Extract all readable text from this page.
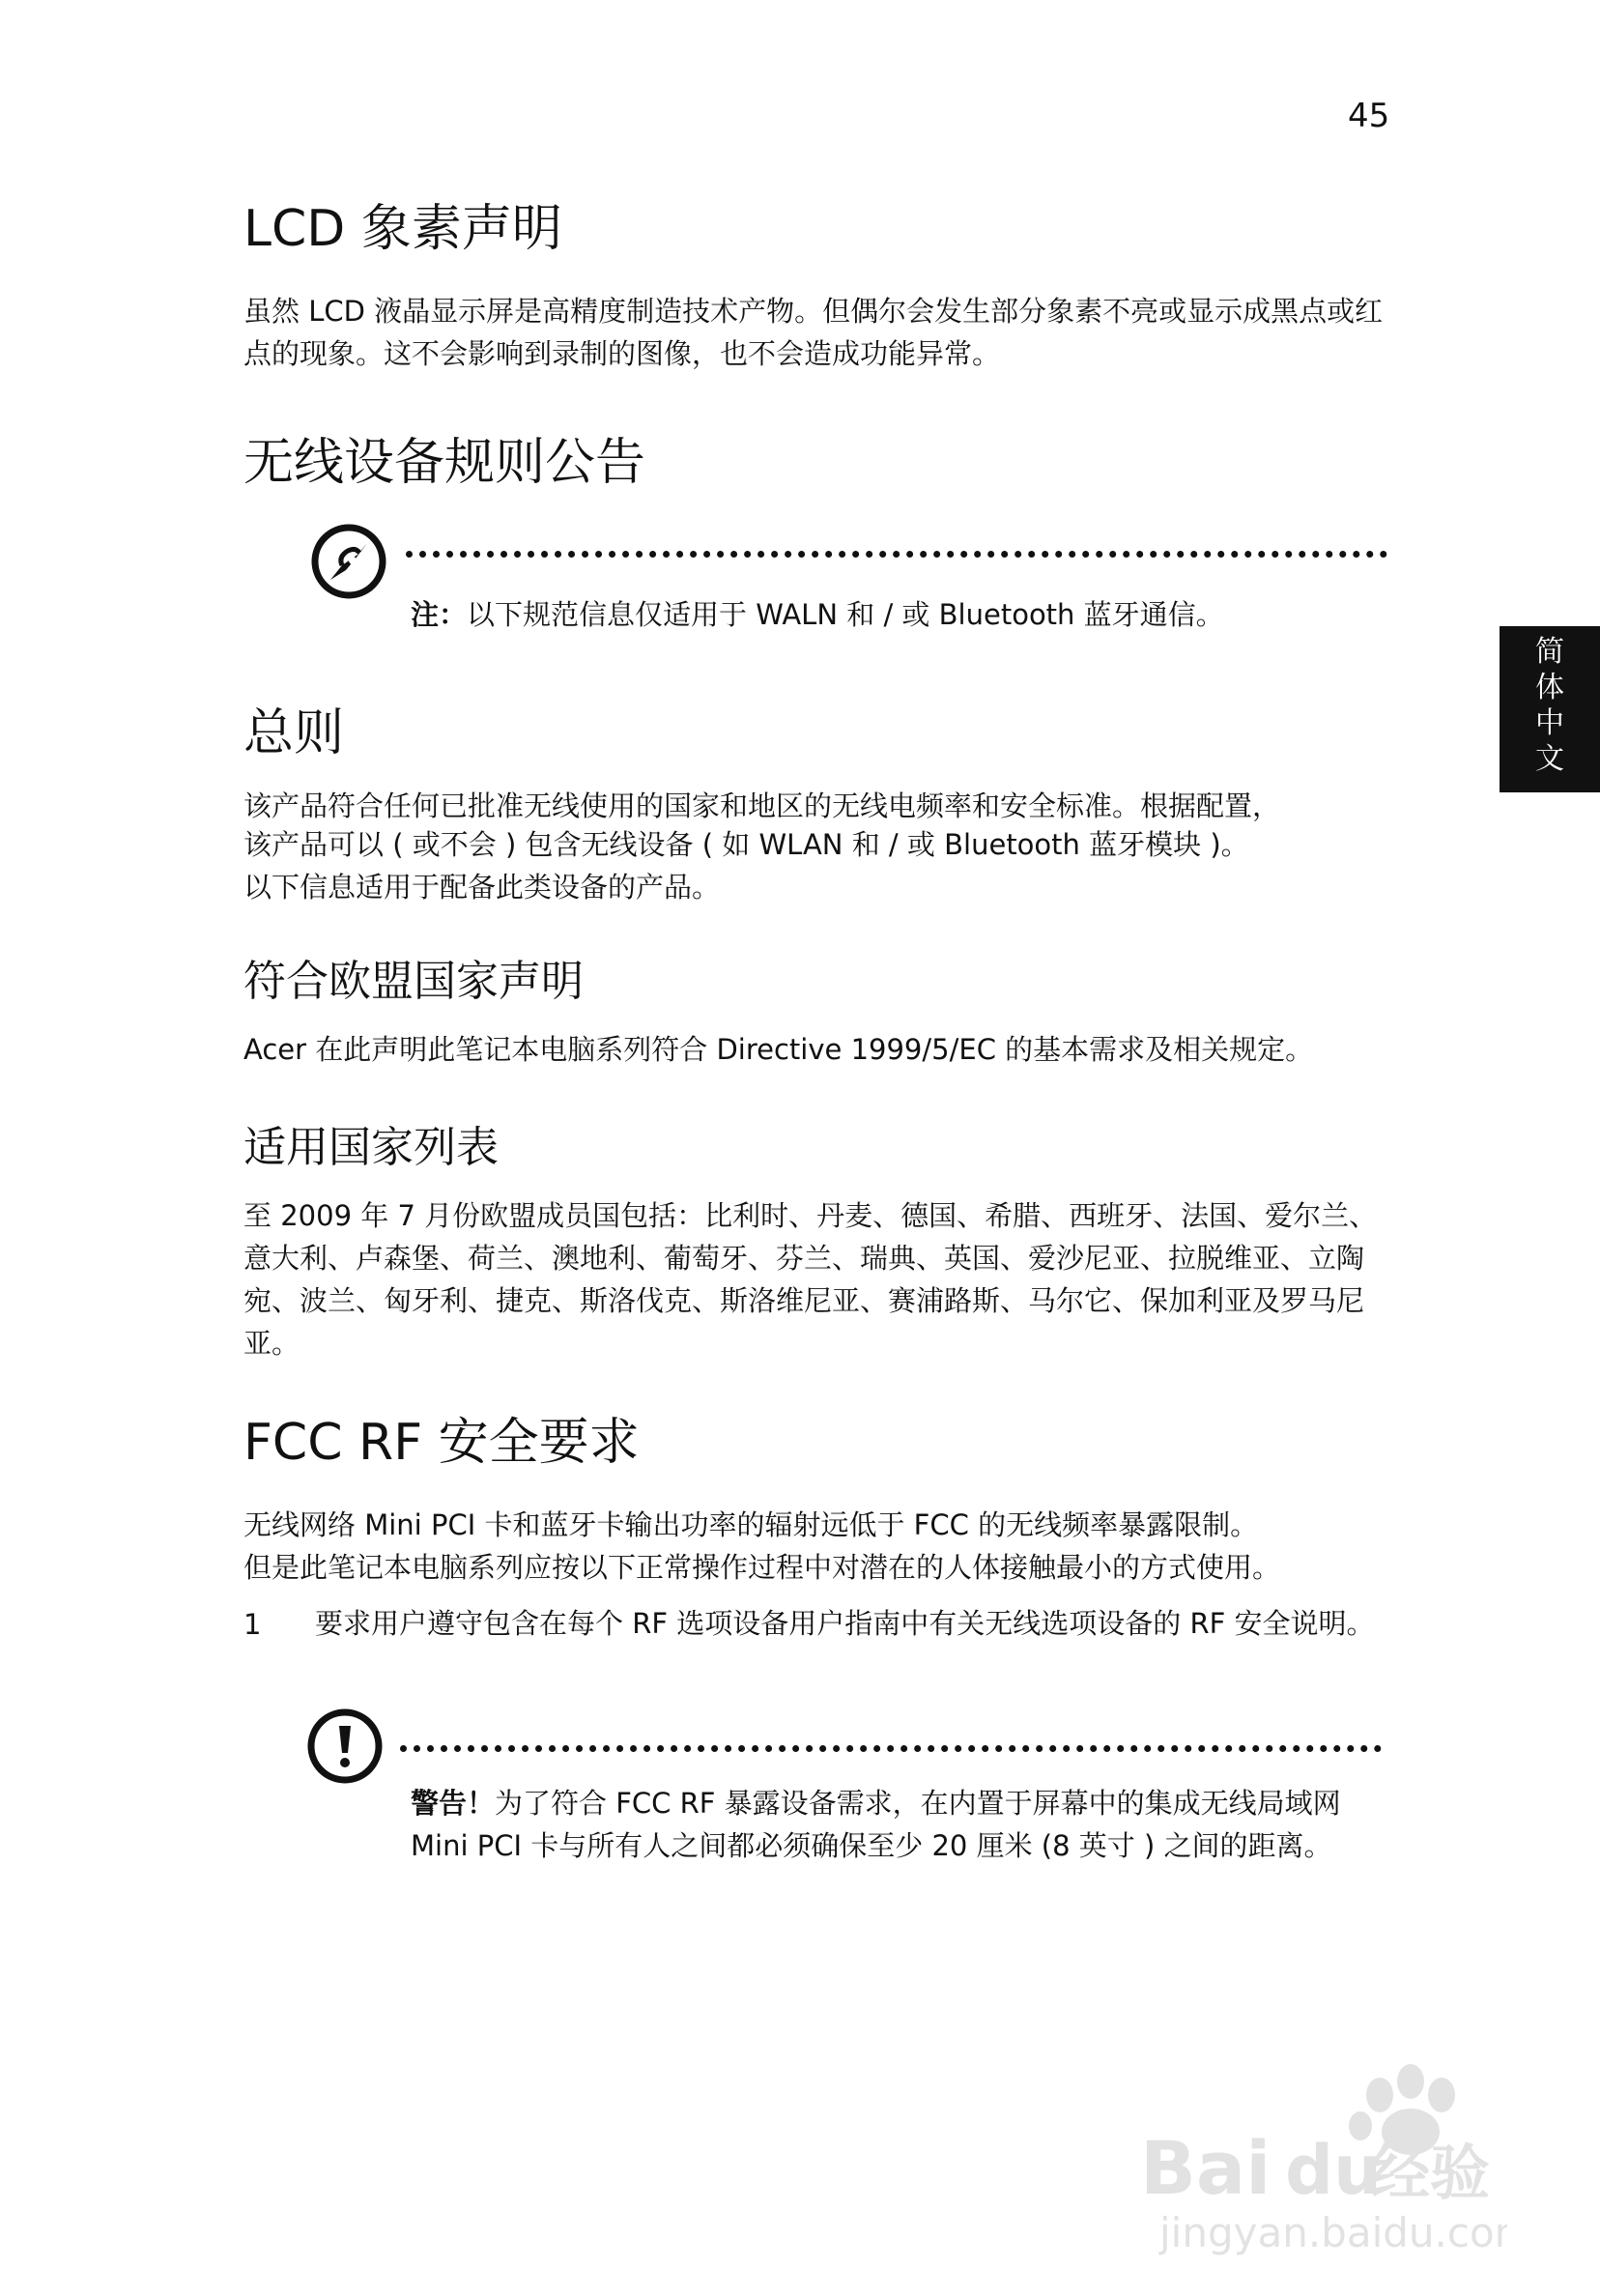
45
简
体
中
文
LCD 象素声明

虽然 LCD 液晶显示屏是高精度制造技术产物。但偶尔会发生部分象素不亮或显示成黑点或红点的现象。这不会影响到录制的图像，也不会造成功能异常。

无线设备规则公告

注：以下规范信息仅适用于 WALN 和 / 或 Bluetooth 蓝牙通信。

总则

该产品符合任何已批准无线使用的国家和地区的无线电频率和安全标准。根据配置，

该产品可以 ( 或不会 ) 包含无线设备 ( 如 WLAN 和 / 或 Bluetooth 蓝牙模块 )。

以下信息适用于配备此类设备的产品。

符合欧盟国家声明

Acer 在此声明此笔记本电脑系列符合 Directive 1999/5/EC 的基本需求及相关规定。

适用国家列表

至 2009 年 7 月份欧盟成员国包括：比利时、丹麦、德国、希腊、西班牙、法国、爱尔兰、意大利、卢森堡、荷兰、澳地利、葡萄牙、芬兰、瑞典、英国、爱沙尼亚、拉脱维亚、立陶宛、波兰、匈牙利、捷克、斯洛伐克、斯洛维尼亚、赛浦路斯、马尔它、保加利亚及罗马尼亚。

FCC RF 安全要求

无线网络 Mini PCI 卡和蓝牙卡输出功率的辐射远低于 FCC 的无线频率暴露限制。

但是此笔记本电脑系列应按以下正常操作过程中对潜在的人体接触最小的方式使用。

1 要求用户遵守包含在每个 RF 选项设备用户指南中有关无线选项设备的 RF 安全说明。

警告！为了符合 FCC RF 暴露设备需求，在内置于屏幕中的集成无线局域网 Mini PCI 卡与所有人之间都必须确保至少 20 厘米 (8 英寸 ) 之间的距离。

Bai du
经验
jingyan.baidu.com
